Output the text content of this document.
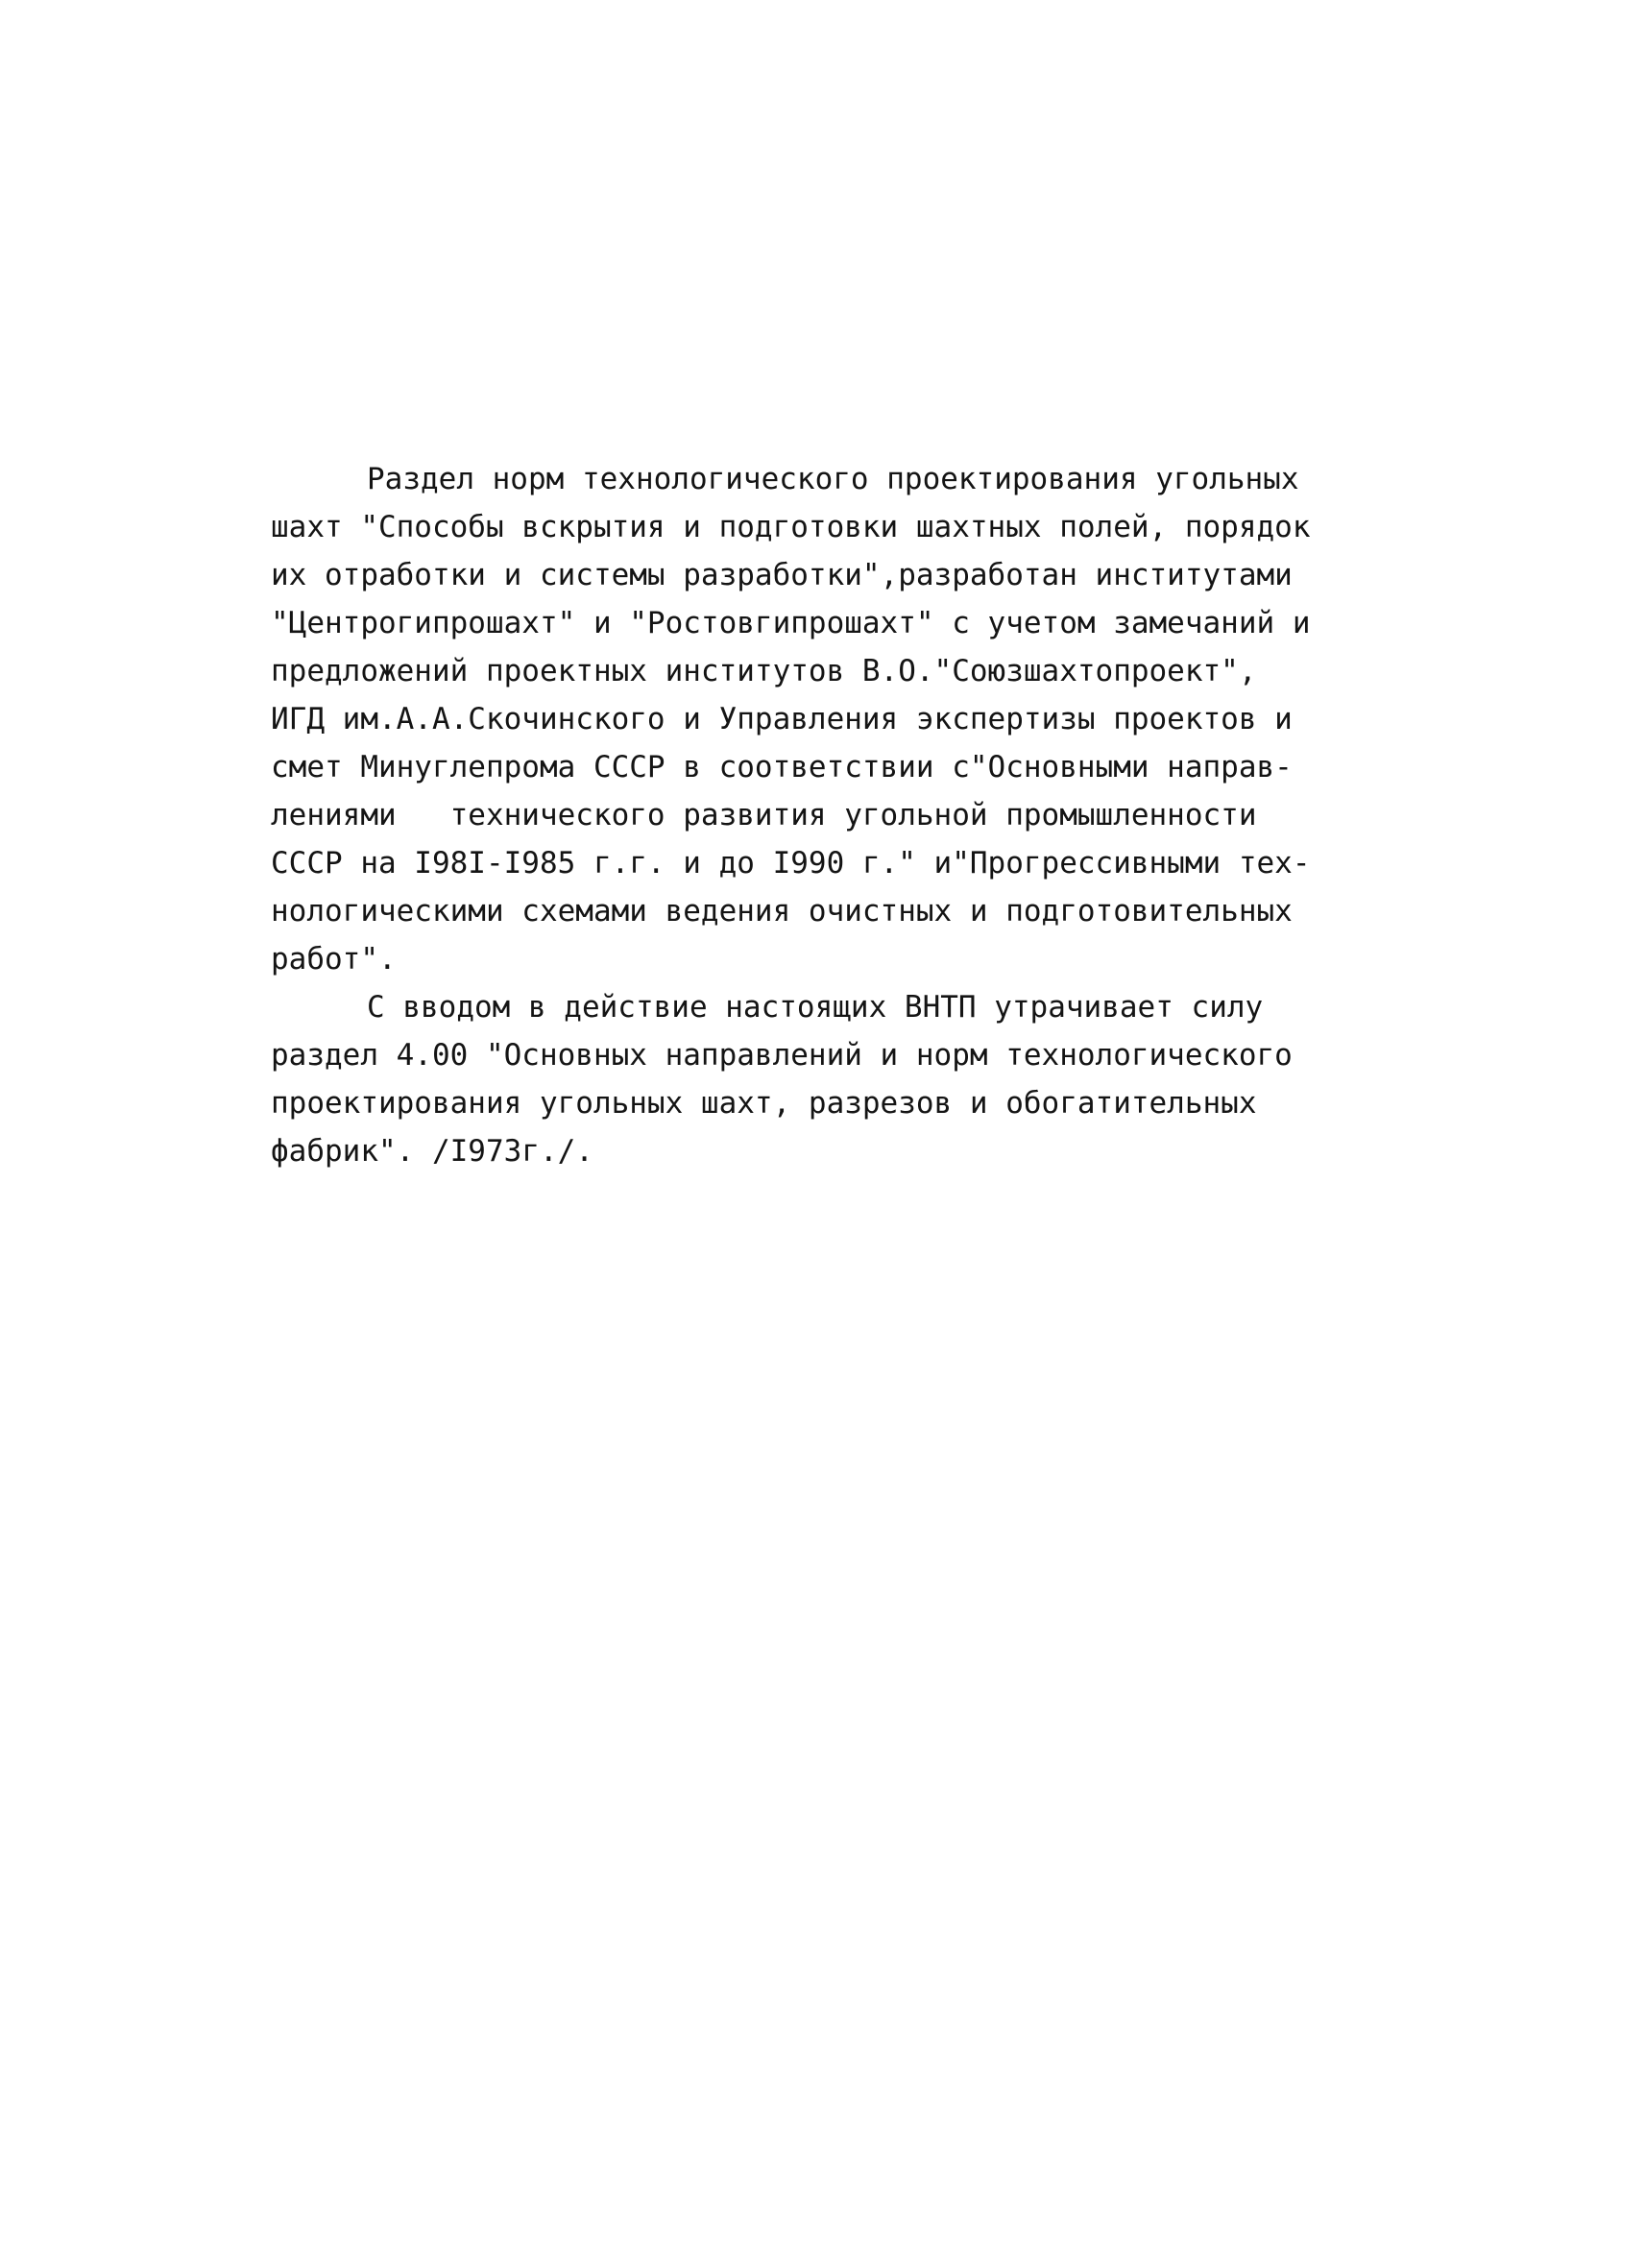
Раздел норм технологического проектирования угольных
шахт "Способы вскрытия и подготовки шахтных полей, порядок
их отработки и системы разработки",разработан институтами
"Центрогипрошахт" и "Ростовгипрошахт" с учетом замечаний и
предложений проектных институтов В.О."Союзшахтопроект",
ИГД им.А.А.Скочинского и Управления экспертизы проектов и
смет Минуглепрома СССР в соответствии с"Основными направ-
лениями   технического развития угольной промышленности
СССР на I98I-I985 г.г. и до I990 г." и"Прогрессивными тех-
нологическими схемами ведения очистных и подготовительных
работ".
С вводом в действие настоящих ВНТП утрачивает силу
раздел 4.00 "Основных направлений и норм технологического
проектирования угольных шахт, разрезов и обогатительных
фабрик". /I973г./.
